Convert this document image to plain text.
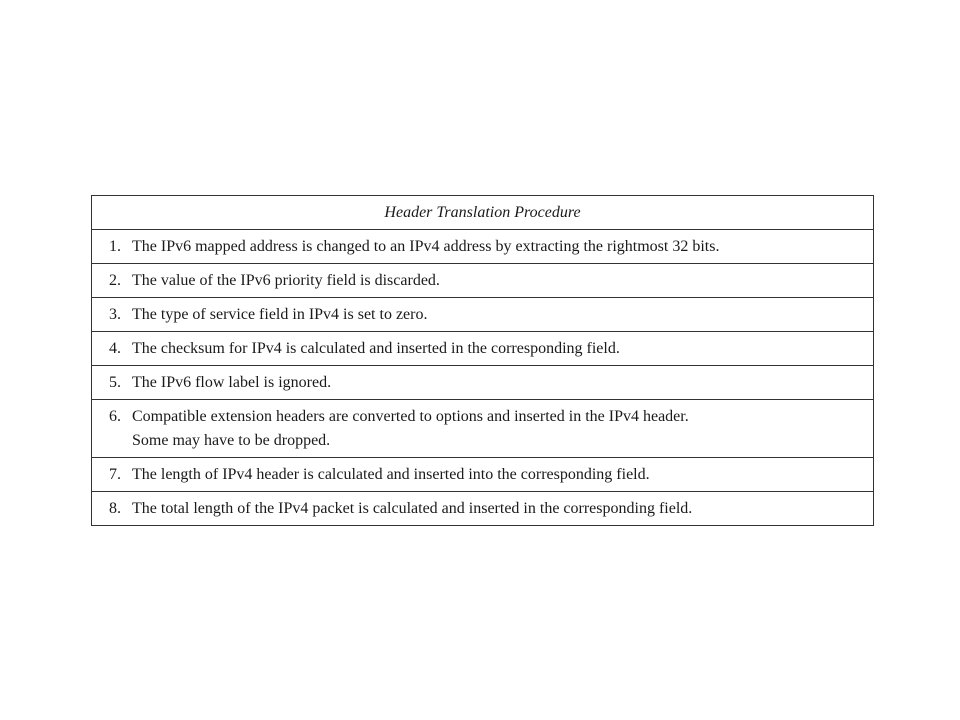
Header Translation Procedure

1. The IPv6 mapped address is changed to an IPv4 address by extracting the rightmost 32 bits.

2. The value of the IPv6 priority field is discarded.

3. The type of service field in IPv4 is set to zero.

4. The checksum for IPv4 is calculated and inserted in the corresponding field.

5. The IPv6 flow label is ignored.

6. Compatible extension headers are converted to options and inserted in the IPv4 header.
Some may have to be dropped.

7. The length of IPv4 header is calculated and inserted into the corresponding field.

8. The total length of the IPv4 packet is calculated and inserted in the corresponding field.
